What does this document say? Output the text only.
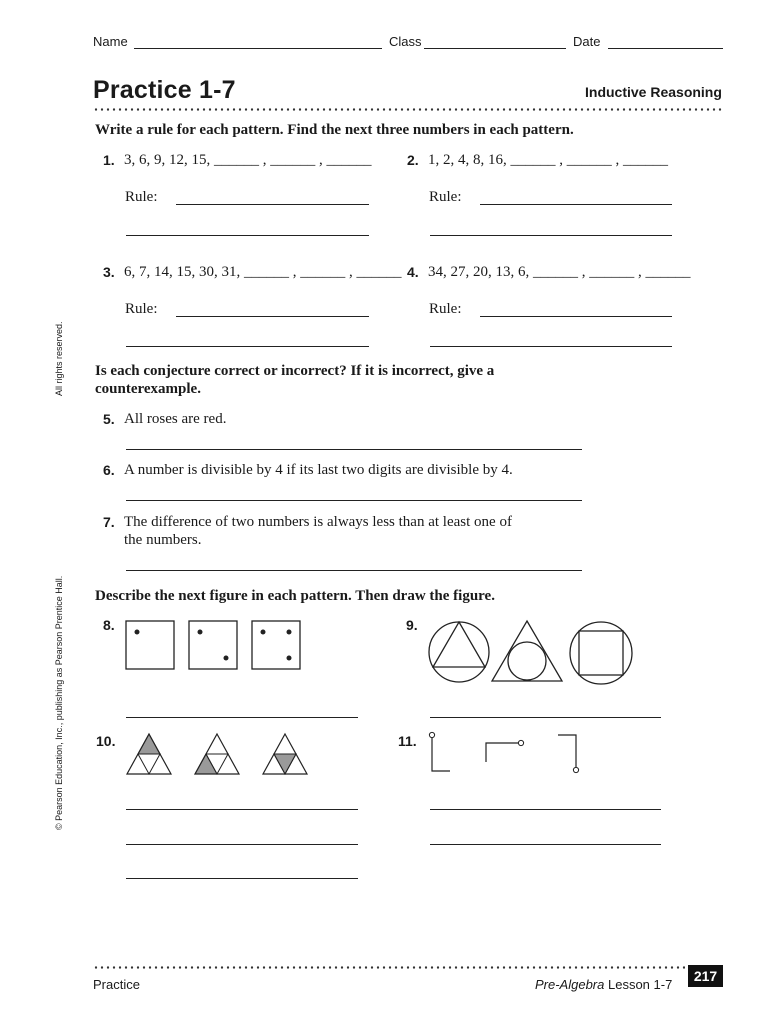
Name	Class	Date
Practice 1-7	Inductive Reasoning
All rights reserved.
© Pearson Education, Inc., publishing as Pearson Prentice Hall.
Write a rule for each pattern. Find the next three numbers in each pattern.
1. 3, 6, 9, 12, 15, ______ , ______ , ______
Rule:
2. 1, 2, 4, 8, 16, ______ , ______ , ______
Rule:
3. 6, 7, 14, 15, 30, 31, ______ , ______ , ______
Rule:
4. 34, 27, 20, 13, 6, ______ , ______ , ______
Rule:
Is each conjecture correct or incorrect? If it is incorrect, give a
counterexample.
5. All roses are red.
6. A number is divisible by 4 if its last two digits are divisible by 4.
7. The difference of two numbers is always less than at least one of
the numbers.
Describe the next figure in each pattern. Then draw the figure.
8.	9.
10.	11.
Practice	Pre-Algebra Lesson 1-7
217
